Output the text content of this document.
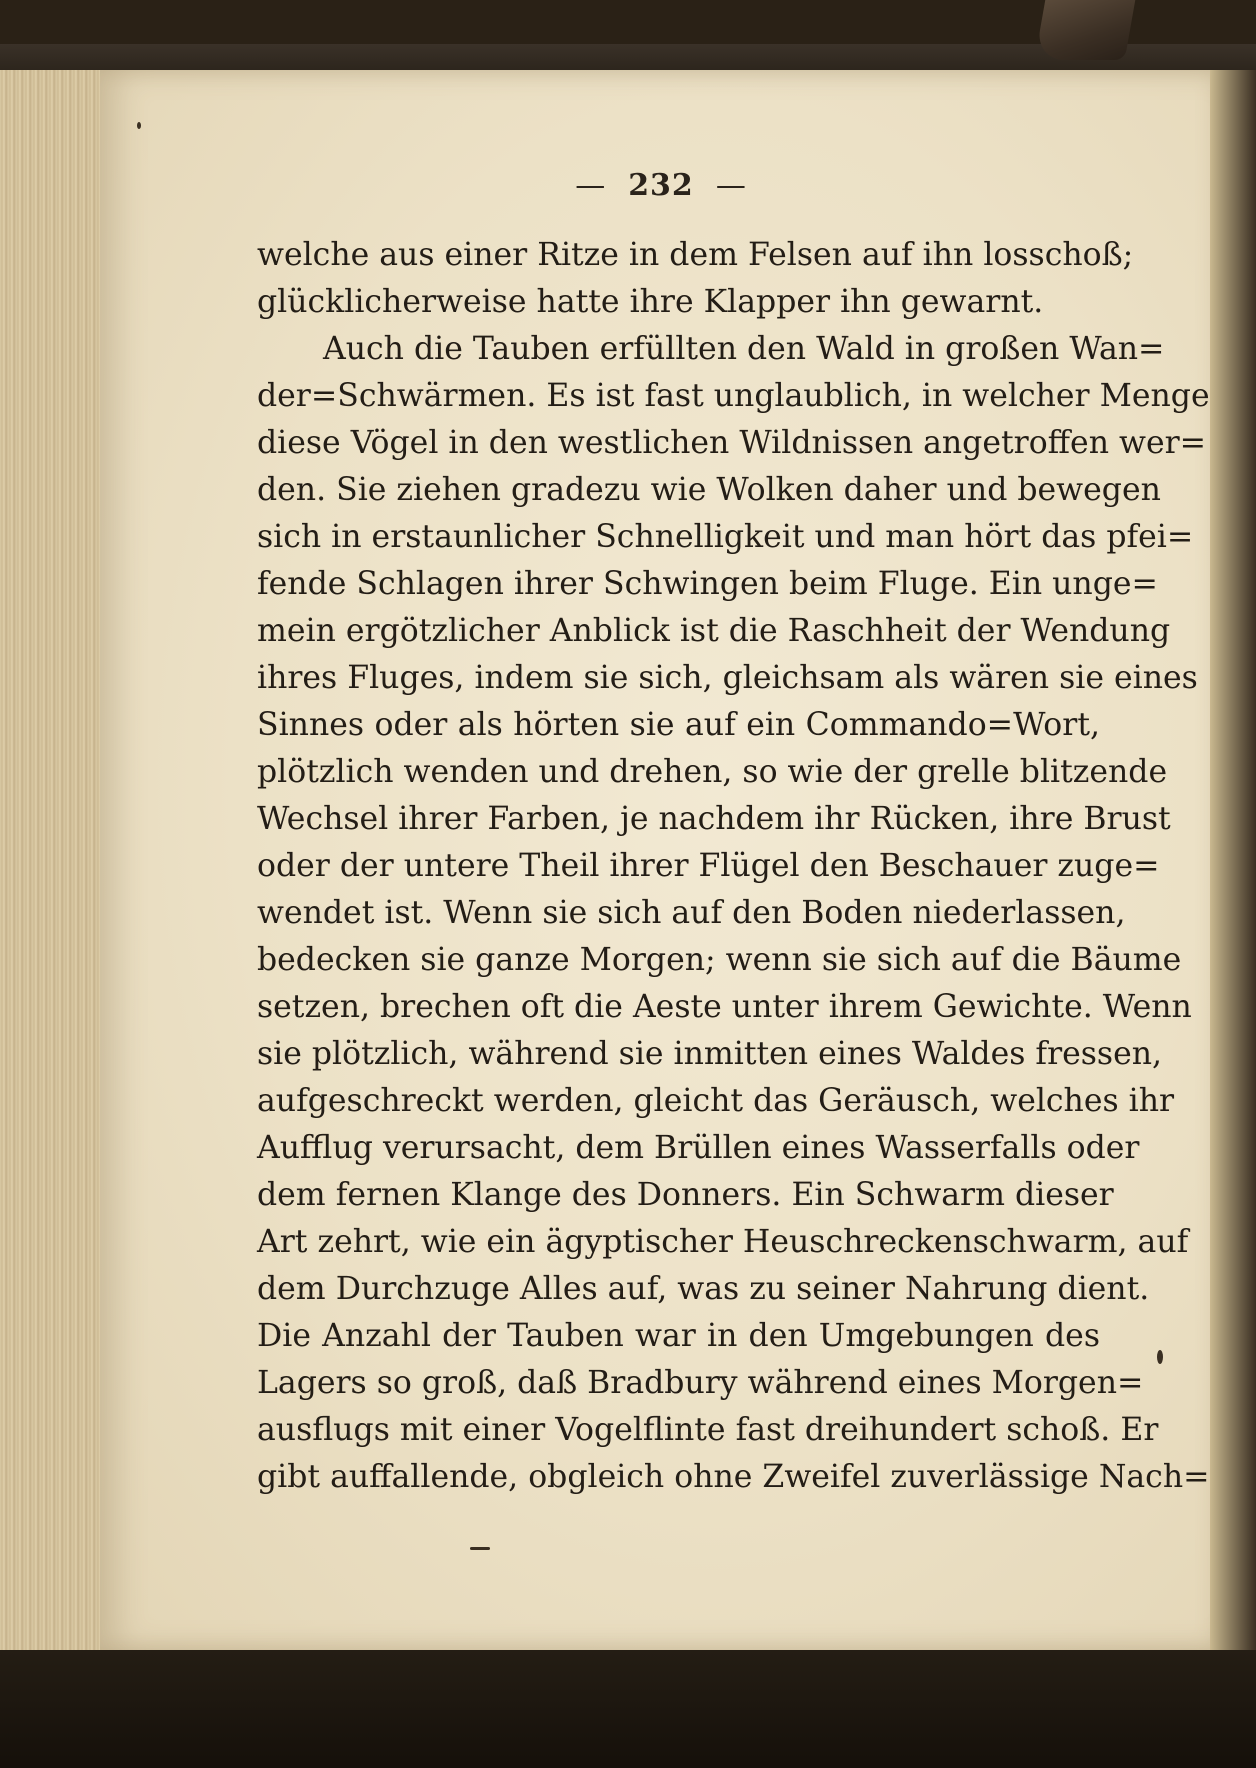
— 232 —
welche aus einer Ritze in dem Felsen auf ihn losschoß;
glücklicherweise hatte ihre Klapper ihn gewarnt.
Auch die Tauben erfüllten den Wald in großen Wan=
der=Schwärmen. Es ist fast unglaublich, in welcher Menge
diese Vögel in den westlichen Wildnissen angetroffen wer=
den. Sie ziehen gradezu wie Wolken daher und bewegen
sich in erstaunlicher Schnelligkeit und man hört das pfei=
fende Schlagen ihrer Schwingen beim Fluge. Ein unge=
mein ergötzlicher Anblick ist die Raschheit der Wendung
ihres Fluges, indem sie sich, gleichsam als wären sie eines
Sinnes oder als hörten sie auf ein Commando=Wort,
plötzlich wenden und drehen, so wie der grelle blitzende
Wechsel ihrer Farben, je nachdem ihr Rücken, ihre Brust
oder der untere Theil ihrer Flügel den Beschauer zuge=
wendet ist. Wenn sie sich auf den Boden niederlassen,
bedecken sie ganze Morgen; wenn sie sich auf die Bäume
setzen, brechen oft die Aeste unter ihrem Gewichte. Wenn
sie plötzlich, während sie inmitten eines Waldes fressen,
aufgeschreckt werden, gleicht das Geräusch, welches ihr
Aufflug verursacht, dem Brüllen eines Wasserfalls oder
dem fernen Klange des Donners. Ein Schwarm dieser
Art zehrt, wie ein ägyptischer Heuschreckenschwarm, auf
dem Durchzuge Alles auf, was zu seiner Nahrung dient.
Die Anzahl der Tauben war in den Umgebungen des
Lagers so groß, daß Bradbury während eines Morgen=
ausflugs mit einer Vogelflinte fast dreihundert schoß. Er
gibt auffallende, obgleich ohne Zweifel zuverlässige Nach=
